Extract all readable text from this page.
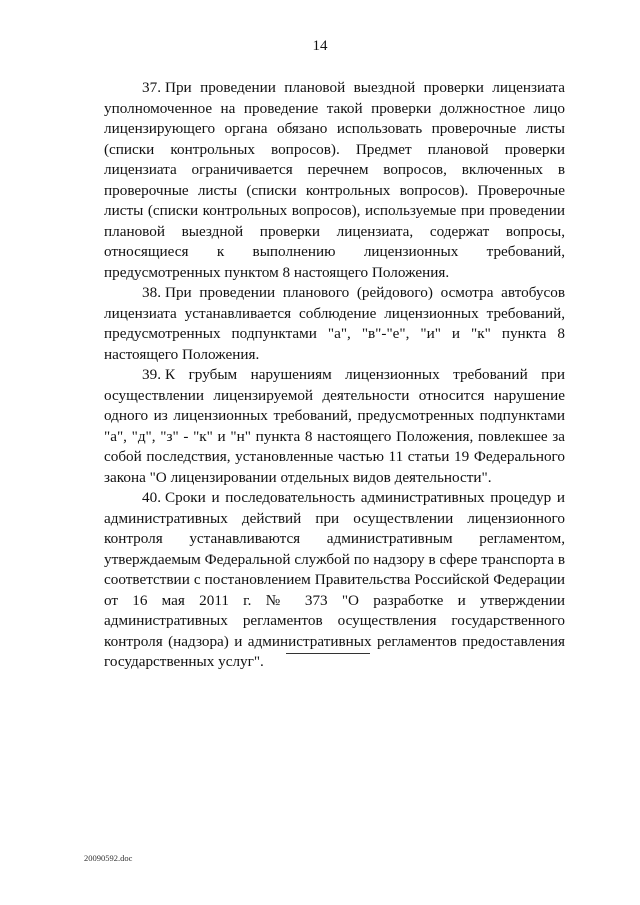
14

37. При проведении плановой выездной проверки лицензиата уполномоченное на проведение такой проверки должностное лицо лицензирующего органа обязано использовать проверочные листы (списки контрольных вопросов). Предмет плановой проверки лицензиата ограничивается перечнем вопросов, включенных в проверочные листы (списки контрольных вопросов). Проверочные листы (списки контрольных вопросов), используемые при проведении плановой выездной проверки лицензиата, содержат вопросы, относящиеся к выполнению лицензионных требований, предусмотренных пунктом 8 настоящего Положения.

38. При проведении планового (рейдового) осмотра автобусов лицензиата устанавливается соблюдение лицензионных требований, предусмотренных подпунктами "а", "в"-"е", "и" и "к" пункта 8 настоящего Положения.

39. К грубым нарушениям лицензионных требований при осуществлении лицензируемой деятельности относится нарушение одного из лицензионных требований, предусмотренных подпунктами "а", "д", "з" - "к" и "н" пункта 8 настоящего Положения, повлекшее за собой последствия, установленные частью 11 статьи 19 Федерального закона "О лицензировании отдельных видов деятельности".

40. Сроки и последовательность административных процедур и административных действий при осуществлении лицензионного контроля устанавливаются административным регламентом, утверждаемым Федеральной службой по надзору в сфере транспорта в соответствии с постановлением Правительства Российской Федерации от 16 мая 2011 г. № 373 "О разработке и утверждении административных регламентов осуществления государственного контроля (надзора) и административных регламентов предоставления государственных услуг".

20090592.doc
